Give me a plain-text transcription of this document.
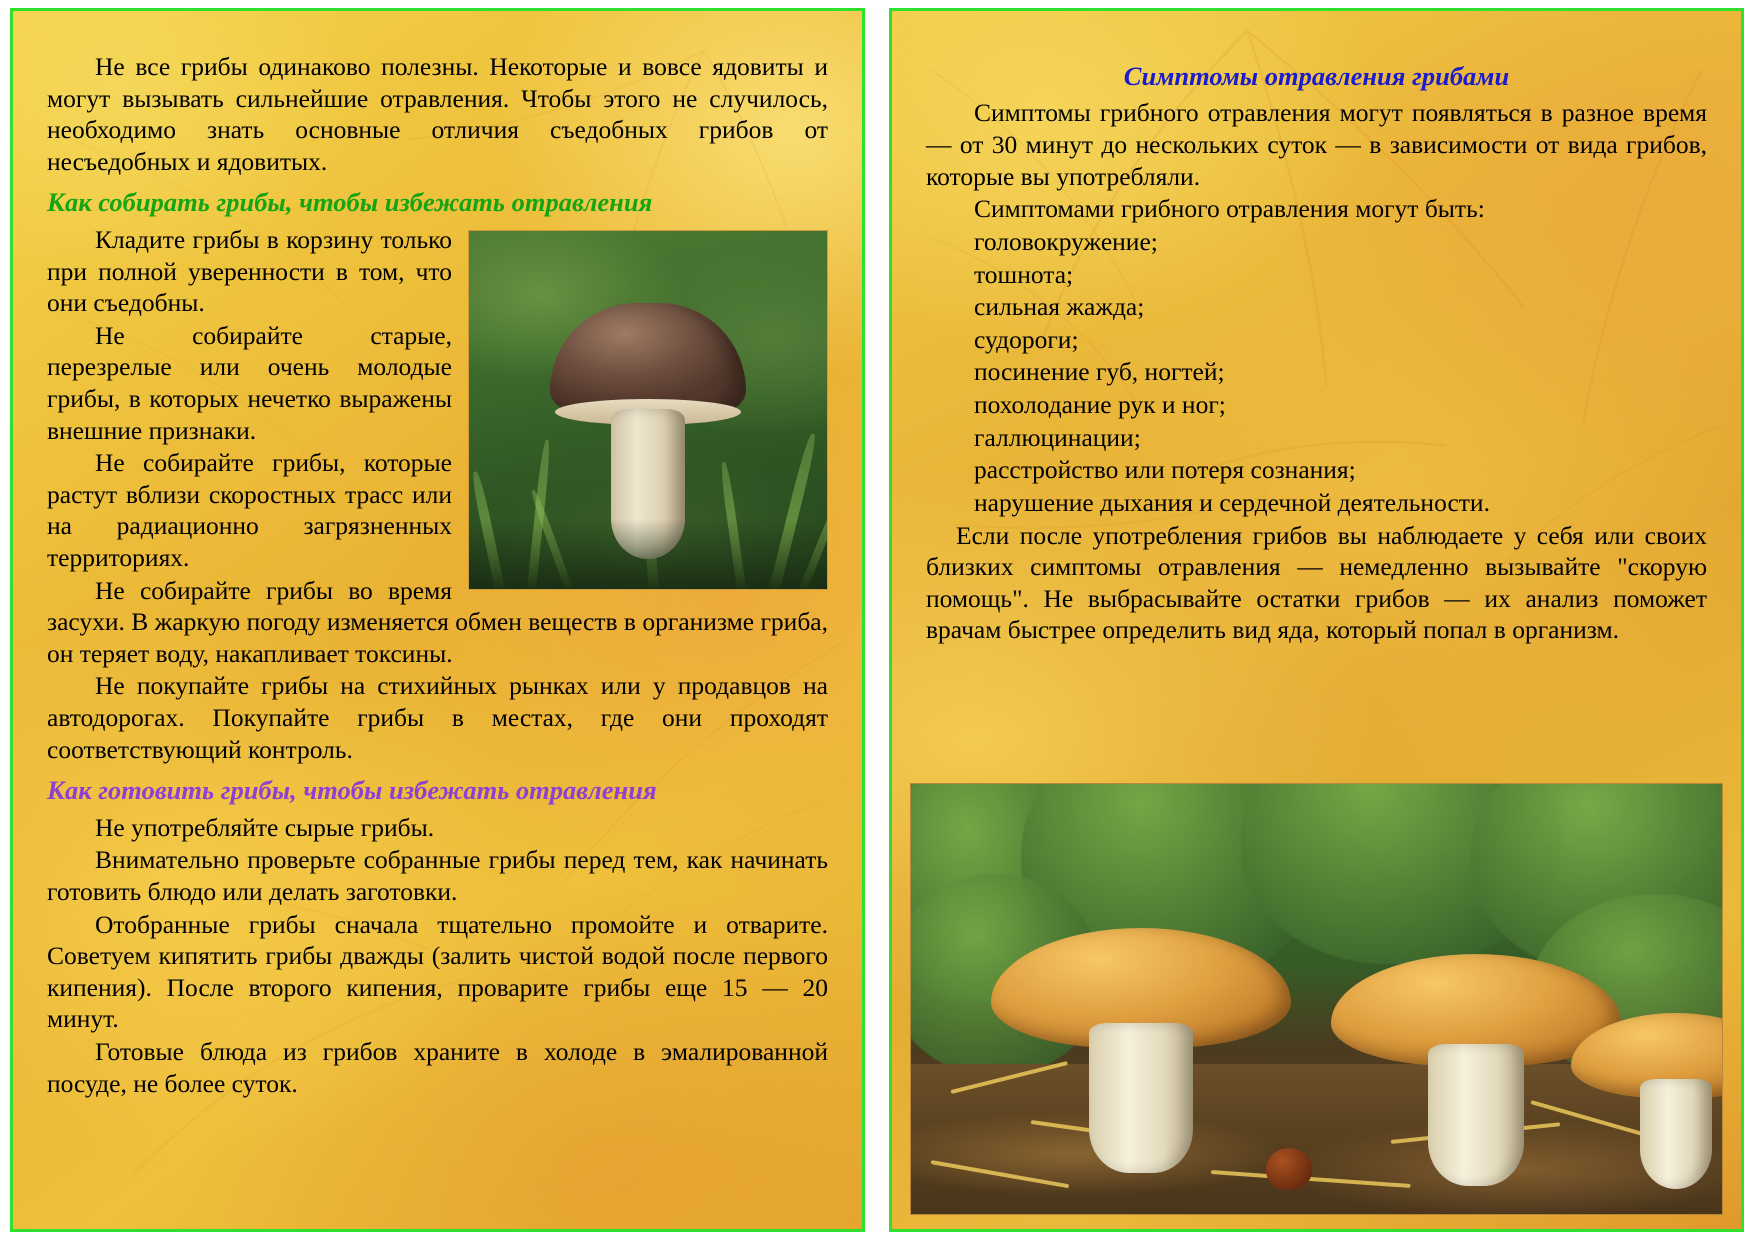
Не все грибы одинаково полезны. Некоторые и вовсе ядовиты и могут вызывать сильнейшие отравления. Чтобы этого не случилось, необходимо знать основные отличия съедобных грибов от несъедобных и ядовитых.

Как собирать грибы, чтобы избежать отравления

Кладите грибы в корзину только при полной уверенности в том, что они съедобны.

Не собирайте старые, перезрелые или очень молодые грибы, в которых нечетко выражены внешние признаки.

Не собирайте грибы, которые растут вблизи скоростных трасс или на радиационно загрязненных территориях.

Не собирайте грибы во время засухи. В жаркую погоду изменяется обмен веществ в организме гриба, он теряет воду, накапливает токсины.

Не покупайте грибы на стихийных рынках или у продавцов на автодорогах. Покупайте грибы в местах, где они проходят соответствующий контроль.

Как готовить грибы, чтобы избежать отравления

Не употребляйте сырые грибы.

Внимательно проверьте собранные грибы перед тем, как начинать готовить блюдо или делать заготовки.

Отобранные грибы сначала тщательно промойте и отварите. Советуем кипятить грибы дважды (залить чистой водой после первого кипения). После второго кипения, проварите грибы еще 15 — 20 минут.

Готовые блюда из грибов храните в холоде в эмалированной посуде, не более суток.

Симптомы отравления грибами

Симптомы грибного отравления могут появляться в разное время — от 30 минут до нескольких суток — в зависимости от вида грибов, которые вы употребляли.

Симптомами грибного отравления могут быть:

головокружение;

тошнота;

сильная жажда;

судороги;

посинение губ, ногтей;

похолодание рук и ног;

галлюцинации;

расстройство или потеря сознания;

нарушение дыхания и сердечной деятельности.

Если после употребления грибов вы наблюдаете у себя или своих близких симптомы отравления — немедленно вызывайте "скорую помощь". Не выбрасывайте остатки грибов — их анализ поможет врачам быстрее определить вид яда, который попал в организм.
